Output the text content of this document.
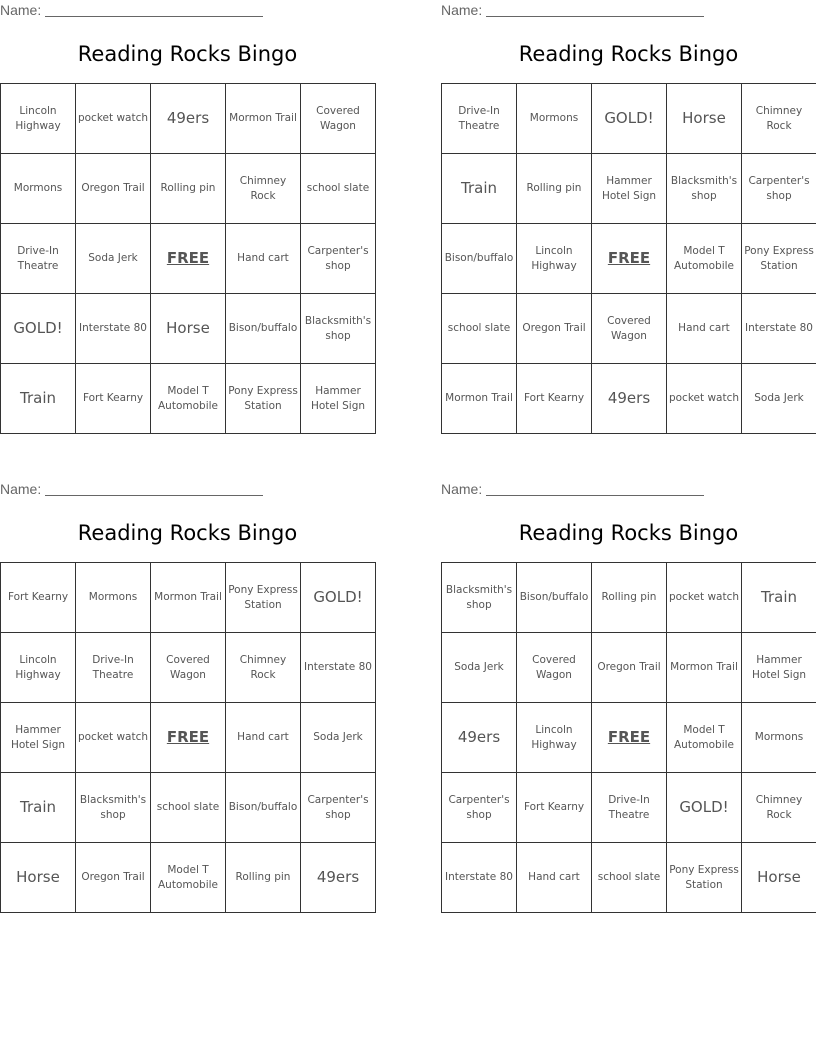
Name:
Reading Rocks Bingo
Lincoln Highway	pocket watch	49ers	Mormon Trail	Covered Wagon
Mormons	Oregon Trail	Rolling pin	Chimney Rock	school slate
Drive-In Theatre	Soda Jerk	FREE	Hand cart	Carpenter's shop
GOLD!	Interstate 80	Horse	Bison/buffalo	Blacksmith's shop
Train	Fort Kearny	Model T Automobile	Pony Express Station	Hammer Hotel Sign
Name:
Reading Rocks Bingo
Drive-In Theatre	Mormons	GOLD!	Horse	Chimney Rock
Train	Rolling pin	Hammer Hotel Sign	Blacksmith's shop	Carpenter's shop
Bison/buffalo	Lincoln Highway	FREE	Model T Automobile	Pony Express Station
school slate	Oregon Trail	Covered Wagon	Hand cart	Interstate 80
Mormon Trail	Fort Kearny	49ers	pocket watch	Soda Jerk
Name:
Reading Rocks Bingo
Fort Kearny	Mormons	Mormon Trail	Pony Express Station	GOLD!
Lincoln Highway	Drive-In Theatre	Covered Wagon	Chimney Rock	Interstate 80
Hammer Hotel Sign	pocket watch	FREE	Hand cart	Soda Jerk
Train	Blacksmith's shop	school slate	Bison/buffalo	Carpenter's shop
Horse	Oregon Trail	Model T Automobile	Rolling pin	49ers
Name:
Reading Rocks Bingo
Blacksmith's shop	Bison/buffalo	Rolling pin	pocket watch	Train
Soda Jerk	Covered Wagon	Oregon Trail	Mormon Trail	Hammer Hotel Sign
49ers	Lincoln Highway	FREE	Model T Automobile	Mormons
Carpenter's shop	Fort Kearny	Drive-In Theatre	GOLD!	Chimney Rock
Interstate 80	Hand cart	school slate	Pony Express Station	Horse
